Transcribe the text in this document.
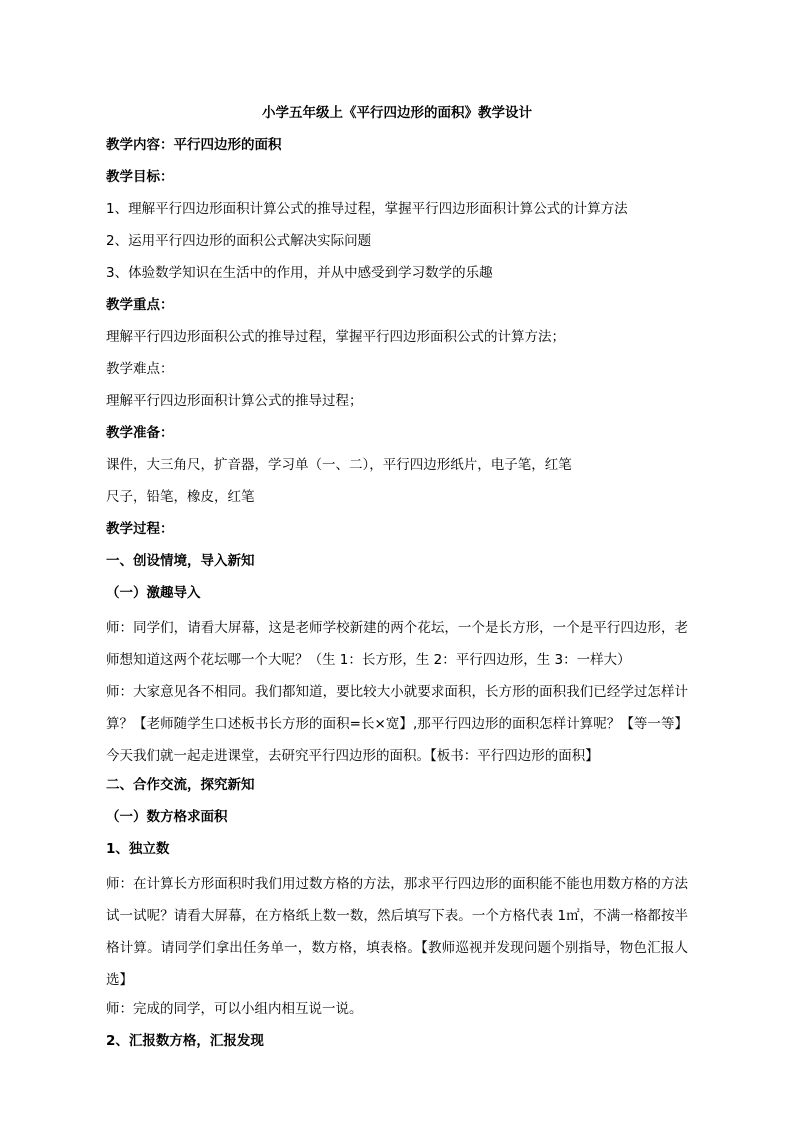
小学五年级上《平行四边形的面积》教学设计
教学内容：平行四边形的面积
教学目标：
1、理解平行四边形面积计算公式的推导过程，掌握平行四边形面积计算公式的计算方法
2、运用平行四边形的面积公式解决实际问题
3、体验数学知识在生活中的作用，并从中感受到学习数学的乐趣
教学重点：
理解平行四边形面积公式的推导过程，掌握平行四边形面积公式的计算方法；
教学难点：
理解平行四边形面积计算公式的推导过程；
教学准备：
课件，大三角尺，扩音器，学习单（一、二），平行四边形纸片，电子笔，红笔
尺子，铅笔，橡皮，红笔
教学过程：
一、创设情境，导入新知
（一）激趣导入
师：同学们，请看大屏幕，这是老师学校新建的两个花坛，一个是长方形，一个是平行四边形，老师想知道这两个花坛哪一个大呢？（生 1：长方形，生 2：平行四边形，生 3：一样大）
师：大家意见各不相同。我们都知道，要比较大小就要求面积，长方形的面积我们已经学过怎样计算？【老师随学生口述板书长方形的面积=长×宽】,那平行四边形的面积怎样计算呢？【等一等】今天我们就一起走进课堂，去研究平行四边形的面积。【板书：平行四边形的面积】
二、合作交流，探究新知
（一）数方格求面积
1、独立数
师：在计算长方形面积时我们用过数方格的方法，那求平行四边形的面积能不能也用数方格的方法试一试呢？请看大屏幕，在方格纸上数一数，然后填写下表。一个方格代表 1㎡，不满一格都按半格计算。请同学们拿出任务单一，数方格，填表格。【教师巡视并发现问题个别指导，物色汇报人选】
师：完成的同学，可以小组内相互说一说。
2、汇报数方格，汇报发现
